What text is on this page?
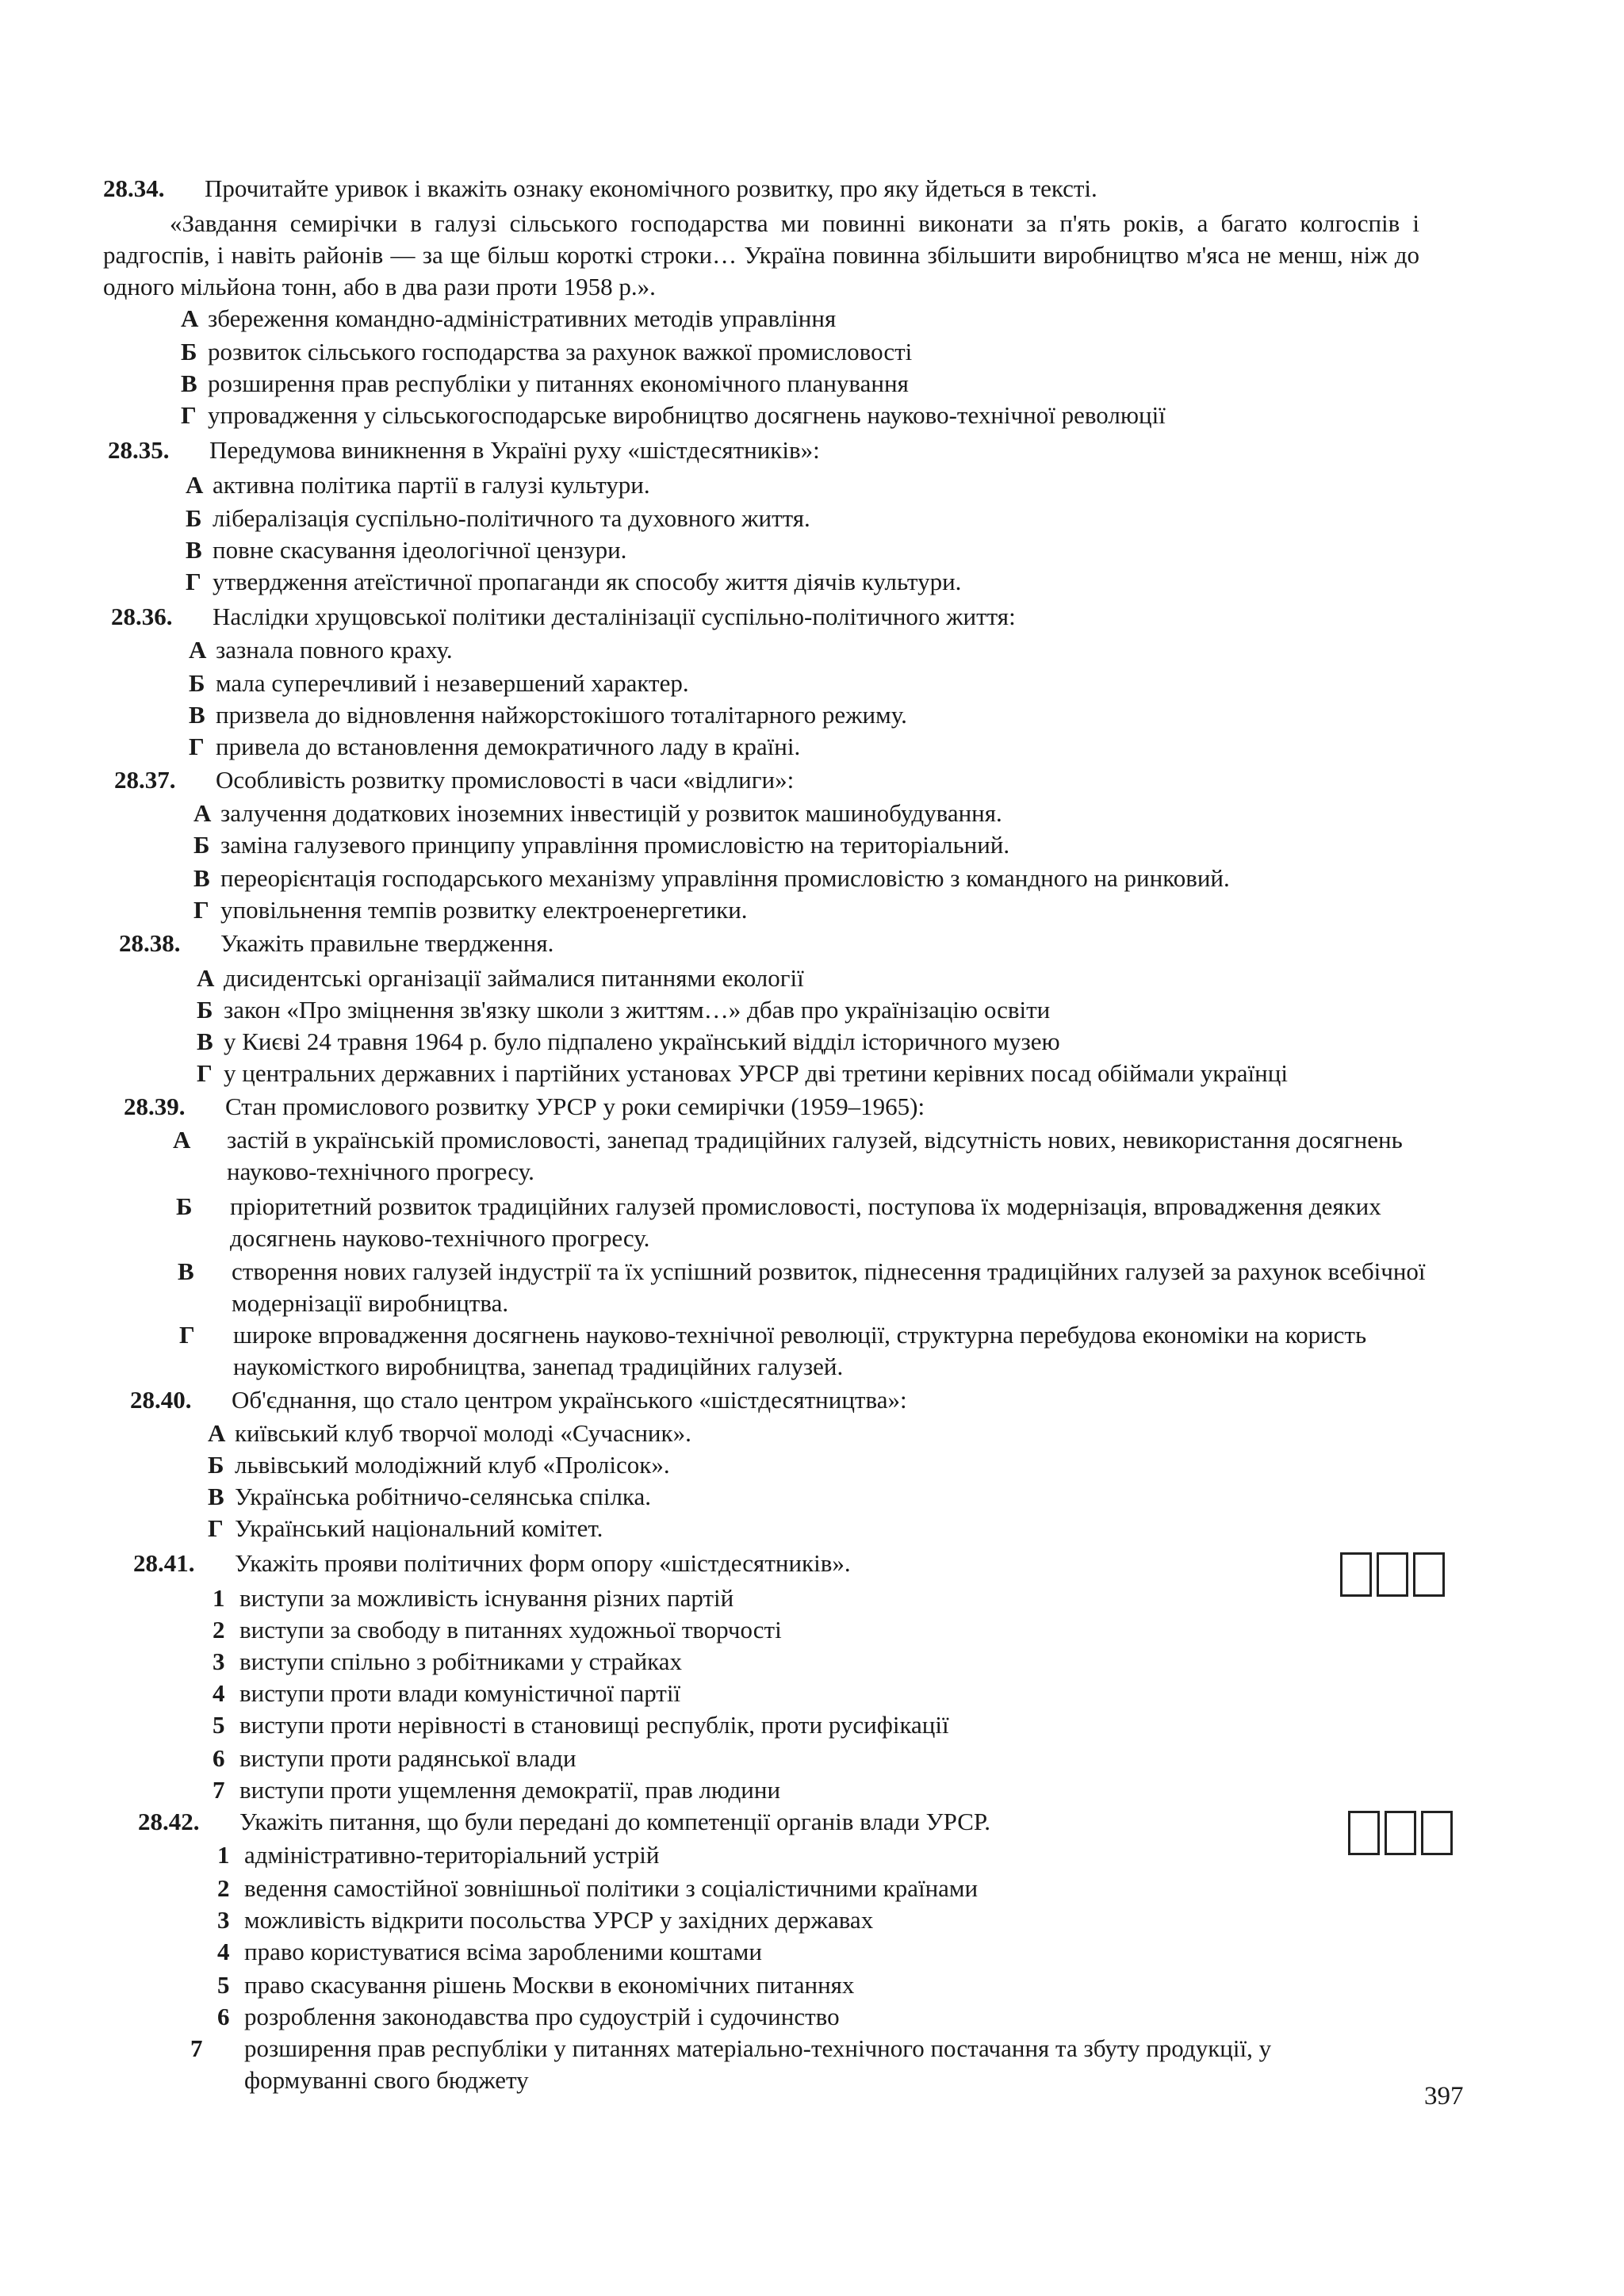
28.34. Прочитайте уривок і вкажіть ознаку економічного розвитку, про яку йдеться в тексті.
«Завдання семирічки в галузі сільського господарства ми повинні виконати за п'ять років, а багато колгоспів і радгоспів, і навіть районів — за ще більш короткі строки… Україна повинна збільшити виробництво м'яса не менш, ніж до одного мільйона тонн, або в два рази проти 1958 р.».
А збереження командно-адміністративних методів управління
Б розвиток сільського господарства за рахунок важкої промисловості
В розширення прав республіки у питаннях економічного планування
Г упровадження у сільськогосподарське виробництво досягнень науково-технічної революції
28.35. Передумова виникнення в Україні руху «шістдесятників»:
А активна політика партії в галузі культури.
Б лібералізація суспільно-політичного та духовного життя.
В повне скасування ідеологічної цензури.
Г утвердження атеїстичної пропаганди як способу життя діячів культури.
28.36. Наслідки хрущовської політики десталінізації суспільно-політичного життя:
А зазнала повного краху.
Б мала суперечливий і незавершений характер.
В призвела до відновлення найжорстокішого тоталітарного режиму.
Г привела до встановлення демократичного ладу в країні.
28.37. Особливість розвитку промисловості в часи «відлиги»:
А залучення додаткових іноземних інвестицій у розвиток машинобудування.
Б заміна галузевого принципу управління промисловістю на територіальний.
В переорієнтація господарського механізму управління промисловістю з командного на ринковий.
Г уповільнення темпів розвитку електроенергетики.
28.38. Укажіть правильне твердження.
А дисидентські організації займалися питаннями екології
Б закон «Про зміцнення зв'язку школи з життям…» дбав про українізацію освіти
В у Києві 24 травня 1964 р. було підпалено український відділ історичного музею
Г у центральних державних і партійних установах УРСР дві третини керівних посад обіймали українці
28.39. Стан промислового розвитку УРСР у роки семирічки (1959–1965):
А застій в українській промисловості, занепад традиційних галузей, відсутність нових, невикористання досягнень науково-технічного прогресу.
Б пріоритетний розвиток традиційних галузей промисловості, поступова їх модернізація, впровадження деяких досягнень науково-технічного прогресу.
В створення нових галузей індустрії та їх успішний розвиток, піднесення традиційних галузей за рахунок всебічної модернізації виробництва.
Г широке впровадження досягнень науково-технічної революції, структурна перебудова економіки на користь наукомісткого виробництва, занепад традиційних галузей.
28.40. Об'єднання, що стало центром українського «шістдесятництва»:
А київський клуб творчої молоді «Сучасник».
Б львівський молодіжний клуб «Пролісок».
В Українська робітничо-селянська спілка.
Г Український національний комітет.
28.41. Укажіть прояви політичних форм опору «шістдесятників».
1 виступи за можливість існування різних партій
2 виступи за свободу в питаннях художньої творчості
3 виступи спільно з робітниками у страйках
4 виступи проти влади комуністичної партії
5 виступи проти нерівності в становищі республік, проти русифікації
6 виступи проти радянської влади
7 виступи проти ущемлення демократії, прав людини
28.42. Укажіть питання, що були передані до компетенції органів влади УРСР.
1 адміністративно-територіальний устрій
2 ведення самостійної зовнішньої політики з соціалістичними країнами
3 можливість відкрити посольства УРСР у західних державах
4 право користуватися всіма заробленими коштами
5 право скасування рішень Москви в економічних питаннях
6 розроблення законодавства про судоустрій і судочинство
7 розширення прав республіки у питаннях матеріально-технічного постачання та збуту продукції, у формуванні свого бюджету
397
